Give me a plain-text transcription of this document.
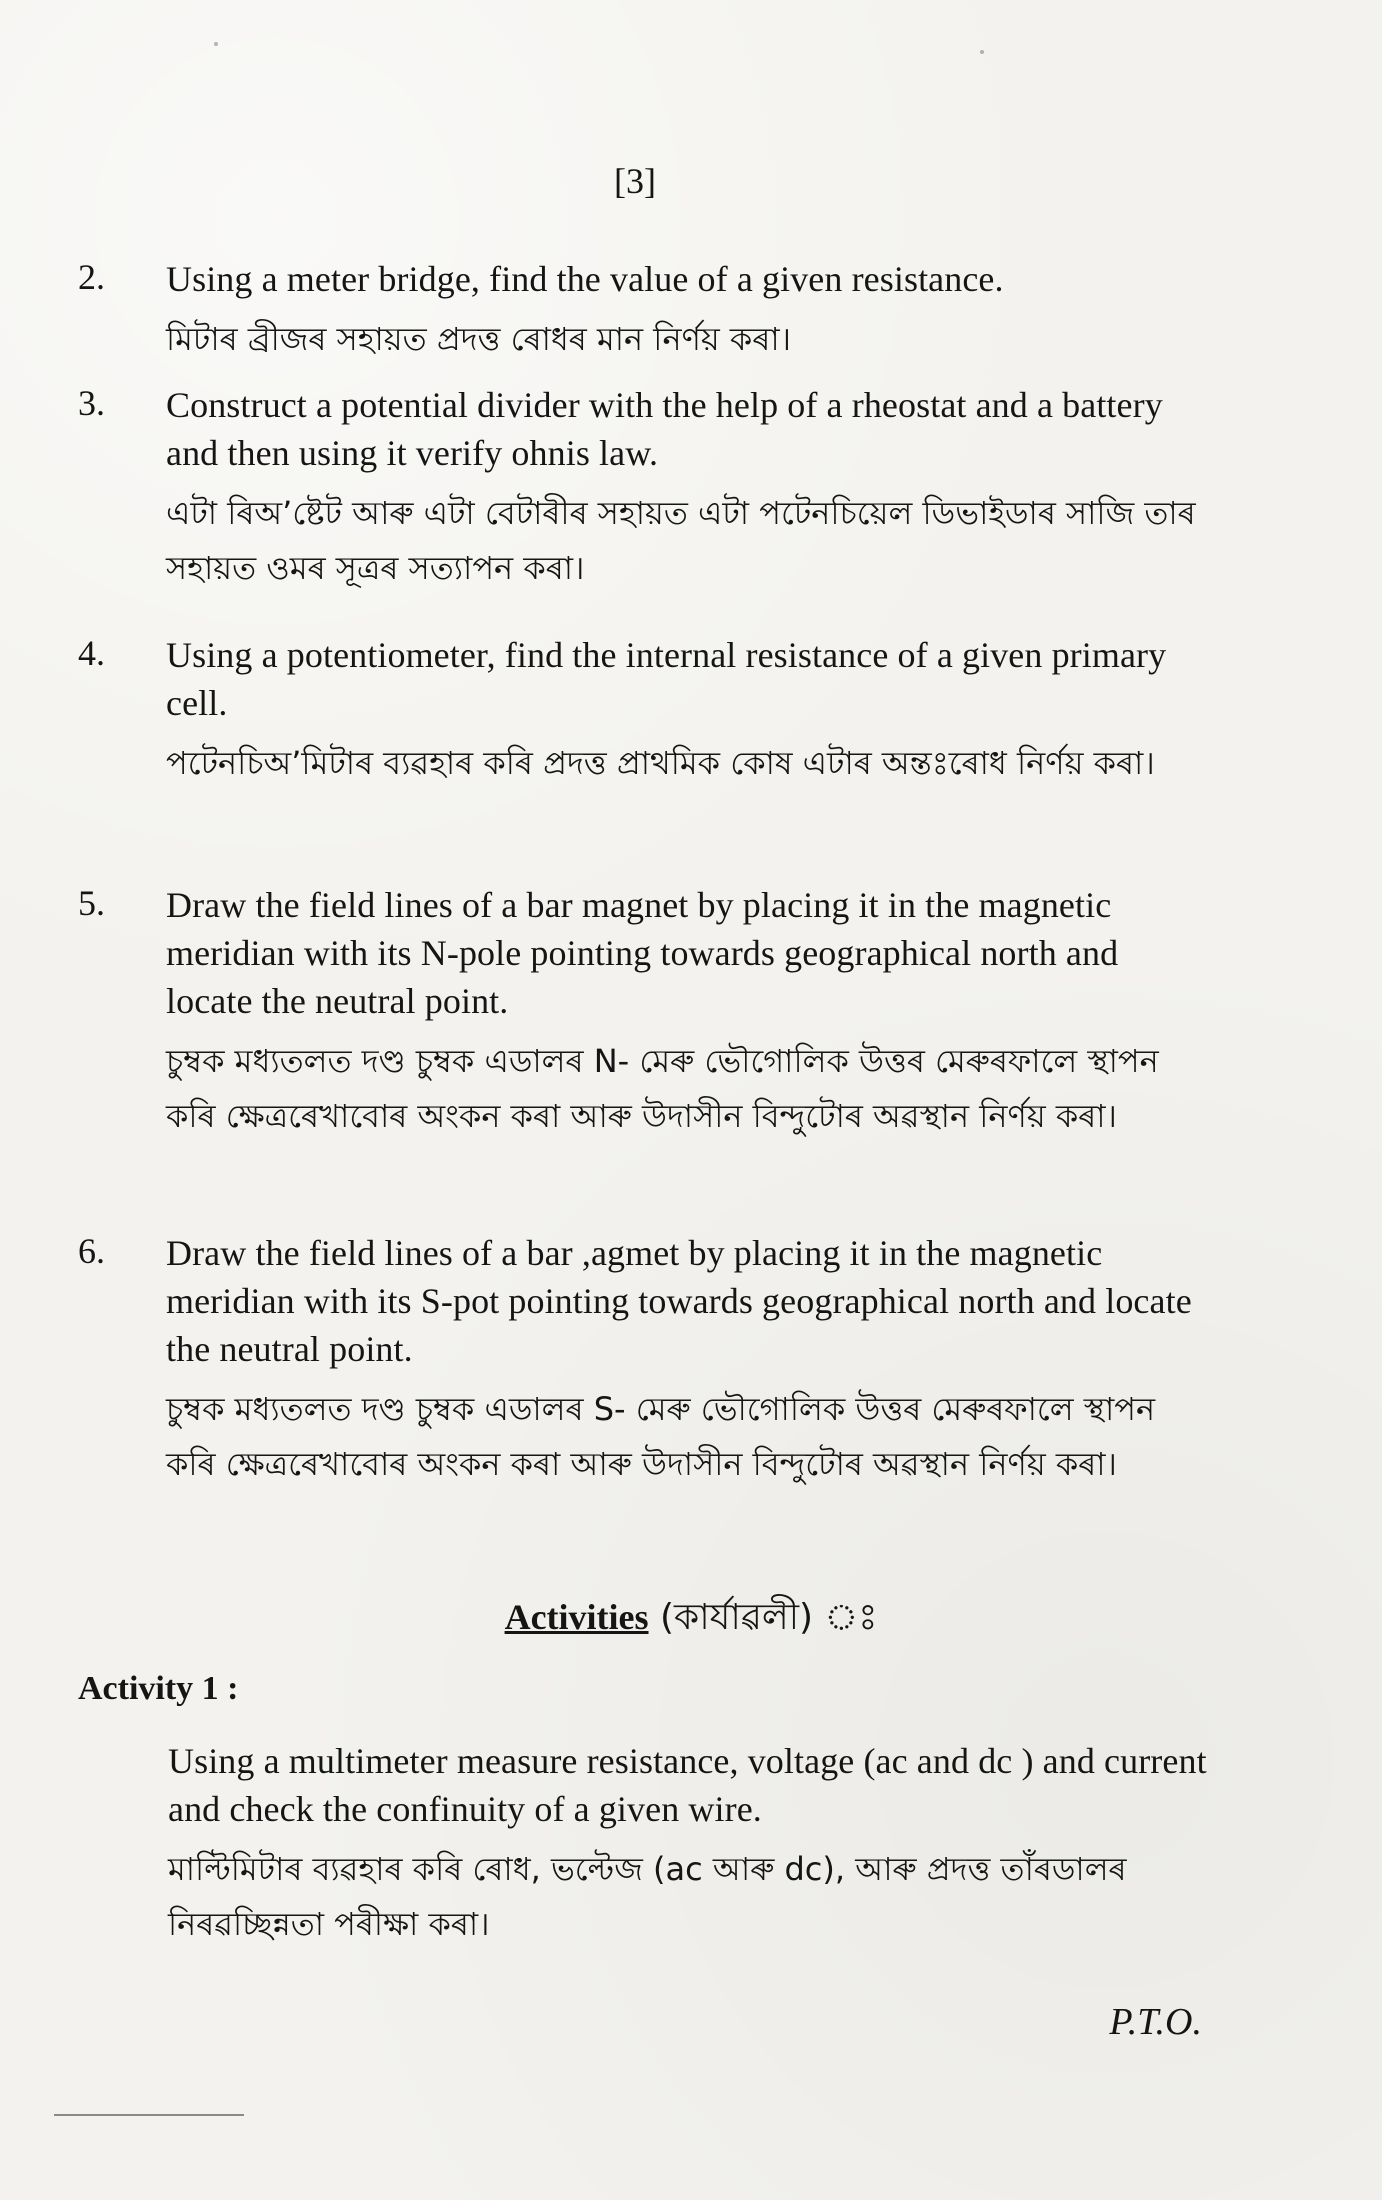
[3]
2.	Using a meter bridge, find the value of a given resistance.
মিটাৰ ব্ৰীজৰ সহায়ত প্ৰদত্ত ৰোধৰ মান নিৰ্ণয় কৰা।
3.	Construct a potential divider with the help of a rheostat and a battery and then using it verify ohnis law.
এটা ৰিঅ’ষ্টেট আৰু এটা বেটাৰীৰ সহায়ত এটা পটেনচিয়েল ডিভাইডাৰ সাজি তাৰ সহায়ত ওমৰ সূত্ৰৰ সত্যাপন কৰা।
4.	Using a potentiometer, find the internal resistance of a given primary cell.
পটেনচিঅ’মিটাৰ ব্যৱহাৰ কৰি প্ৰদত্ত প্ৰাথমিক কোষ এটাৰ অন্তঃৰোধ নিৰ্ণয় কৰা।
5.	Draw the field lines of a bar magnet by placing it in the magnetic meridian with its N-pole pointing towards geographical north and locate the neutral point.
চুম্বক মধ্যতলত দণ্ড চুম্বক এডালৰ N- মেৰু ভৌগোলিক উত্তৰ মেৰুৰফালে স্থাপন কৰি ক্ষেত্ৰৰেখাবোৰ অংকন কৰা আৰু উদাসীন বিন্দুটোৰ অৱস্থান নিৰ্ণয় কৰা।
6.	Draw the field lines of a bar ,agmet by placing it in the magnetic meridian with its S-pot pointing towards geographical north and locate the neutral point.
চুম্বক মধ্যতলত দণ্ড চুম্বক এডালৰ S- মেৰু ভৌগোলিক উত্তৰ মেৰুৰফালে স্থাপন কৰি ক্ষেত্ৰৰেখাবোৰ অংকন কৰা আৰু উদাসীন বিন্দুটোৰ অৱস্থান নিৰ্ণয় কৰা।
Activities (কাৰ্যাৱলী) ঃ
Activity 1 :
Using a multimeter measure resistance, voltage (ac and dc ) and current and check the confinuity of a given wire.
মাল্টিমিটাৰ ব্যৱহাৰ কৰি ৰোধ, ভল্টেজ (ac আৰু dc), আৰু প্ৰদত্ত তাঁৰডালৰ নিৰৱচ্ছিন্নতা পৰীক্ষা কৰা।
P.T.O.
